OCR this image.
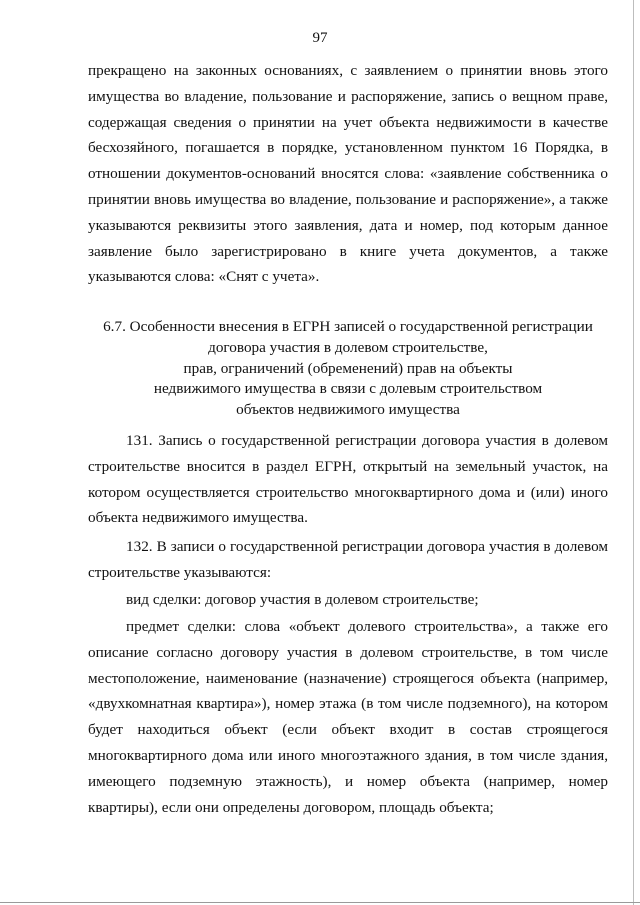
97

прекращено на законных основаниях, с заявлением о принятии вновь этого имущества во владение, пользование и распоряжение, запись о вещном праве, содержащая сведения о принятии на учет объекта недвижимости в качестве бесхозяйного, погашается в порядке, установленном пунктом 16 Порядка, в отношении документов-оснований вносятся слова: «заявление собственника о принятии вновь имущества во владение, пользование и распоряжение», а также указываются реквизиты этого заявления, дата и номер, под которым данное заявление было зарегистрировано в книге учета документов, а также указываются слова: «Снят с учета».

6.7. Особенности внесения в ЕГРН записей о государственной регистрации
договора участия в долевом строительстве,
прав, ограничений (обременений) прав на объекты
недвижимого имущества в связи с долевым строительством
объектов недвижимого имущества

131. Запись о государственной регистрации договора участия в долевом строительстве вносится в раздел ЕГРН, открытый на земельный участок, на котором осуществляется строительство многоквартирного дома и (или) иного объекта недвижимого имущества.

132. В записи о государственной регистрации договора участия в долевом строительстве указываются:

вид сделки: договор участия в долевом строительстве;

предмет сделки: слова «объект долевого строительства», а также его описание согласно договору участия в долевом строительстве, в том числе местоположение, наименование (назначение) строящегося объекта (например, «двухкомнатная квартира»), номер этажа (в том числе подземного), на котором будет находиться объект (если объект входит в состав строящегося многоквартирного дома или иного многоэтажного здания, в том числе здания, имеющего подземную этажность), и номер объекта (например, номер квартиры), если они определены договором, площадь объекта;
